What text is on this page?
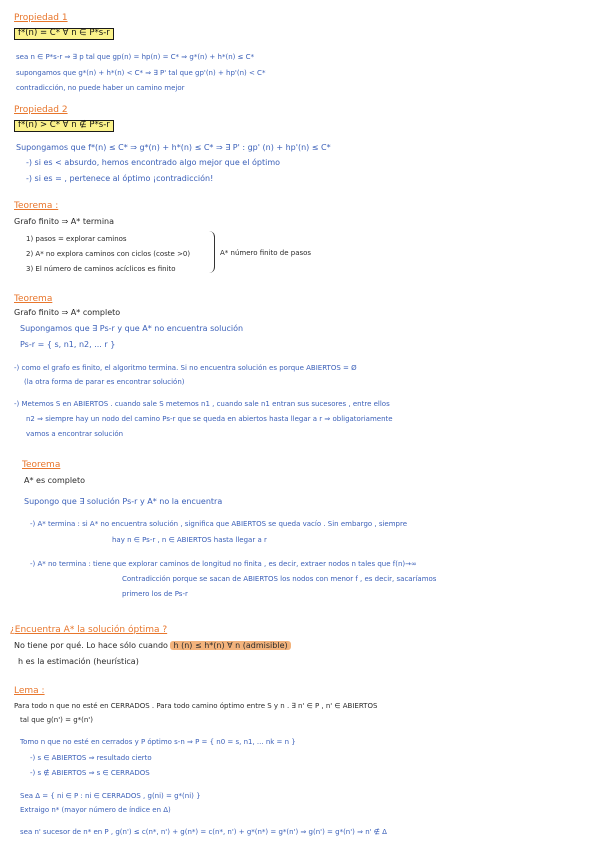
Propiedad 1
f*(n) = C* ∀ n ∈ P*s-r
sea n ∈ P*s-r ⇒ ∃ p tal que gp(n) = hp(n) = C* ⇒ g*(n) + h*(n) ≤ C*
supongamos que g*(n) + h*(n) < C* ⇒ ∃ P' tal que gp'(n) + hp'(n) < C*
contradicción, no puede haber un camino mejor
Propiedad 2
f*(n) > C* ∀ n ∉ P*s-r
Supongamos que f*(n) ≤ C* ⇒ g*(n) + h*(n) ≤ C* ⇒ ∃ P' : gp' (n) + hp'(n) ≤ C*
-) si es < absurdo, hemos encontrado algo mejor que el óptimo
-) si es = , pertenece al óptimo ¡contradicción!
Teorema :
Grafo finito ⇒ A* termina
1) pasos = explorar caminos
2) A* no explora caminos con ciclos (coste >0)
3) El número de caminos acíclicos es finito
A* número finito de pasos
Teorema
Grafo finito ⇒ A* completo
Supongamos que ∃ Ps-r y que A* no encuentra solución
Ps-r = { s, n1, n2, ... r }
-) como el grafo es finito, el algoritmo termina. Si no encuentra solución es porque ABIERTOS = Ø
(la otra forma de parar es encontrar solución)
-) Metemos S en ABIERTOS . cuando sale S metemos n1 , cuando sale n1 entran sus sucesores , entre ellos
n2 ⇒ siempre hay un nodo del camino Ps-r que se queda en abiertos hasta llegar a r ⇒ obligatoriamente
vamos a encontrar solución
Teorema
A* es completo
Supongo que ∃ solución Ps-r y A* no la encuentra
-) A* termina : si A* no encuentra solución , significa que ABIERTOS se queda vacío . Sin embargo , siempre
hay n ∈ Ps-r , n ∈ ABIERTOS hasta llegar a r
-) A* no termina : tiene que explorar caminos de longitud no finita , es decir, extraer nodos n tales que f(n)→∞
Contradicción porque se sacan de ABIERTOS los nodos con menor f , es decir, sacaríamos
primero los de Ps-r
¿Encuentra A* la solución óptima ?
No tiene por qué. Lo hace sólo cuando h (n) ≤ h*(n) ∀ n (admisible)
h es la estimación (heurística)
Lema :
Para todo n que no esté en CERRADOS . Para todo camino óptimo entre S y n . ∃ n' ∈ P , n' ∈ ABIERTOS
tal que g(n') = g*(n')
Tomo n que no esté en cerrados y P óptimo s-n ⇒ P = { n0 = s, n1, ... nk = n }
-) s ∈ ABIERTOS ⇒ resultado cierto
-) s ∉ ABIERTOS ⇒ s ∈ CERRADOS
Sea Δ = { ni ∈ P : ni ∈ CERRADOS , g(ni) = g*(ni) }
Extraigo n* (mayor número de índice en Δ)
sea n' sucesor de n* en P , g(n') ≤ c(n*, n') + g(n*) = c(n*, n') + g*(n*) = g*(n') ⇒ g(n') = g*(n') ⇒ n' ∉ Δ
